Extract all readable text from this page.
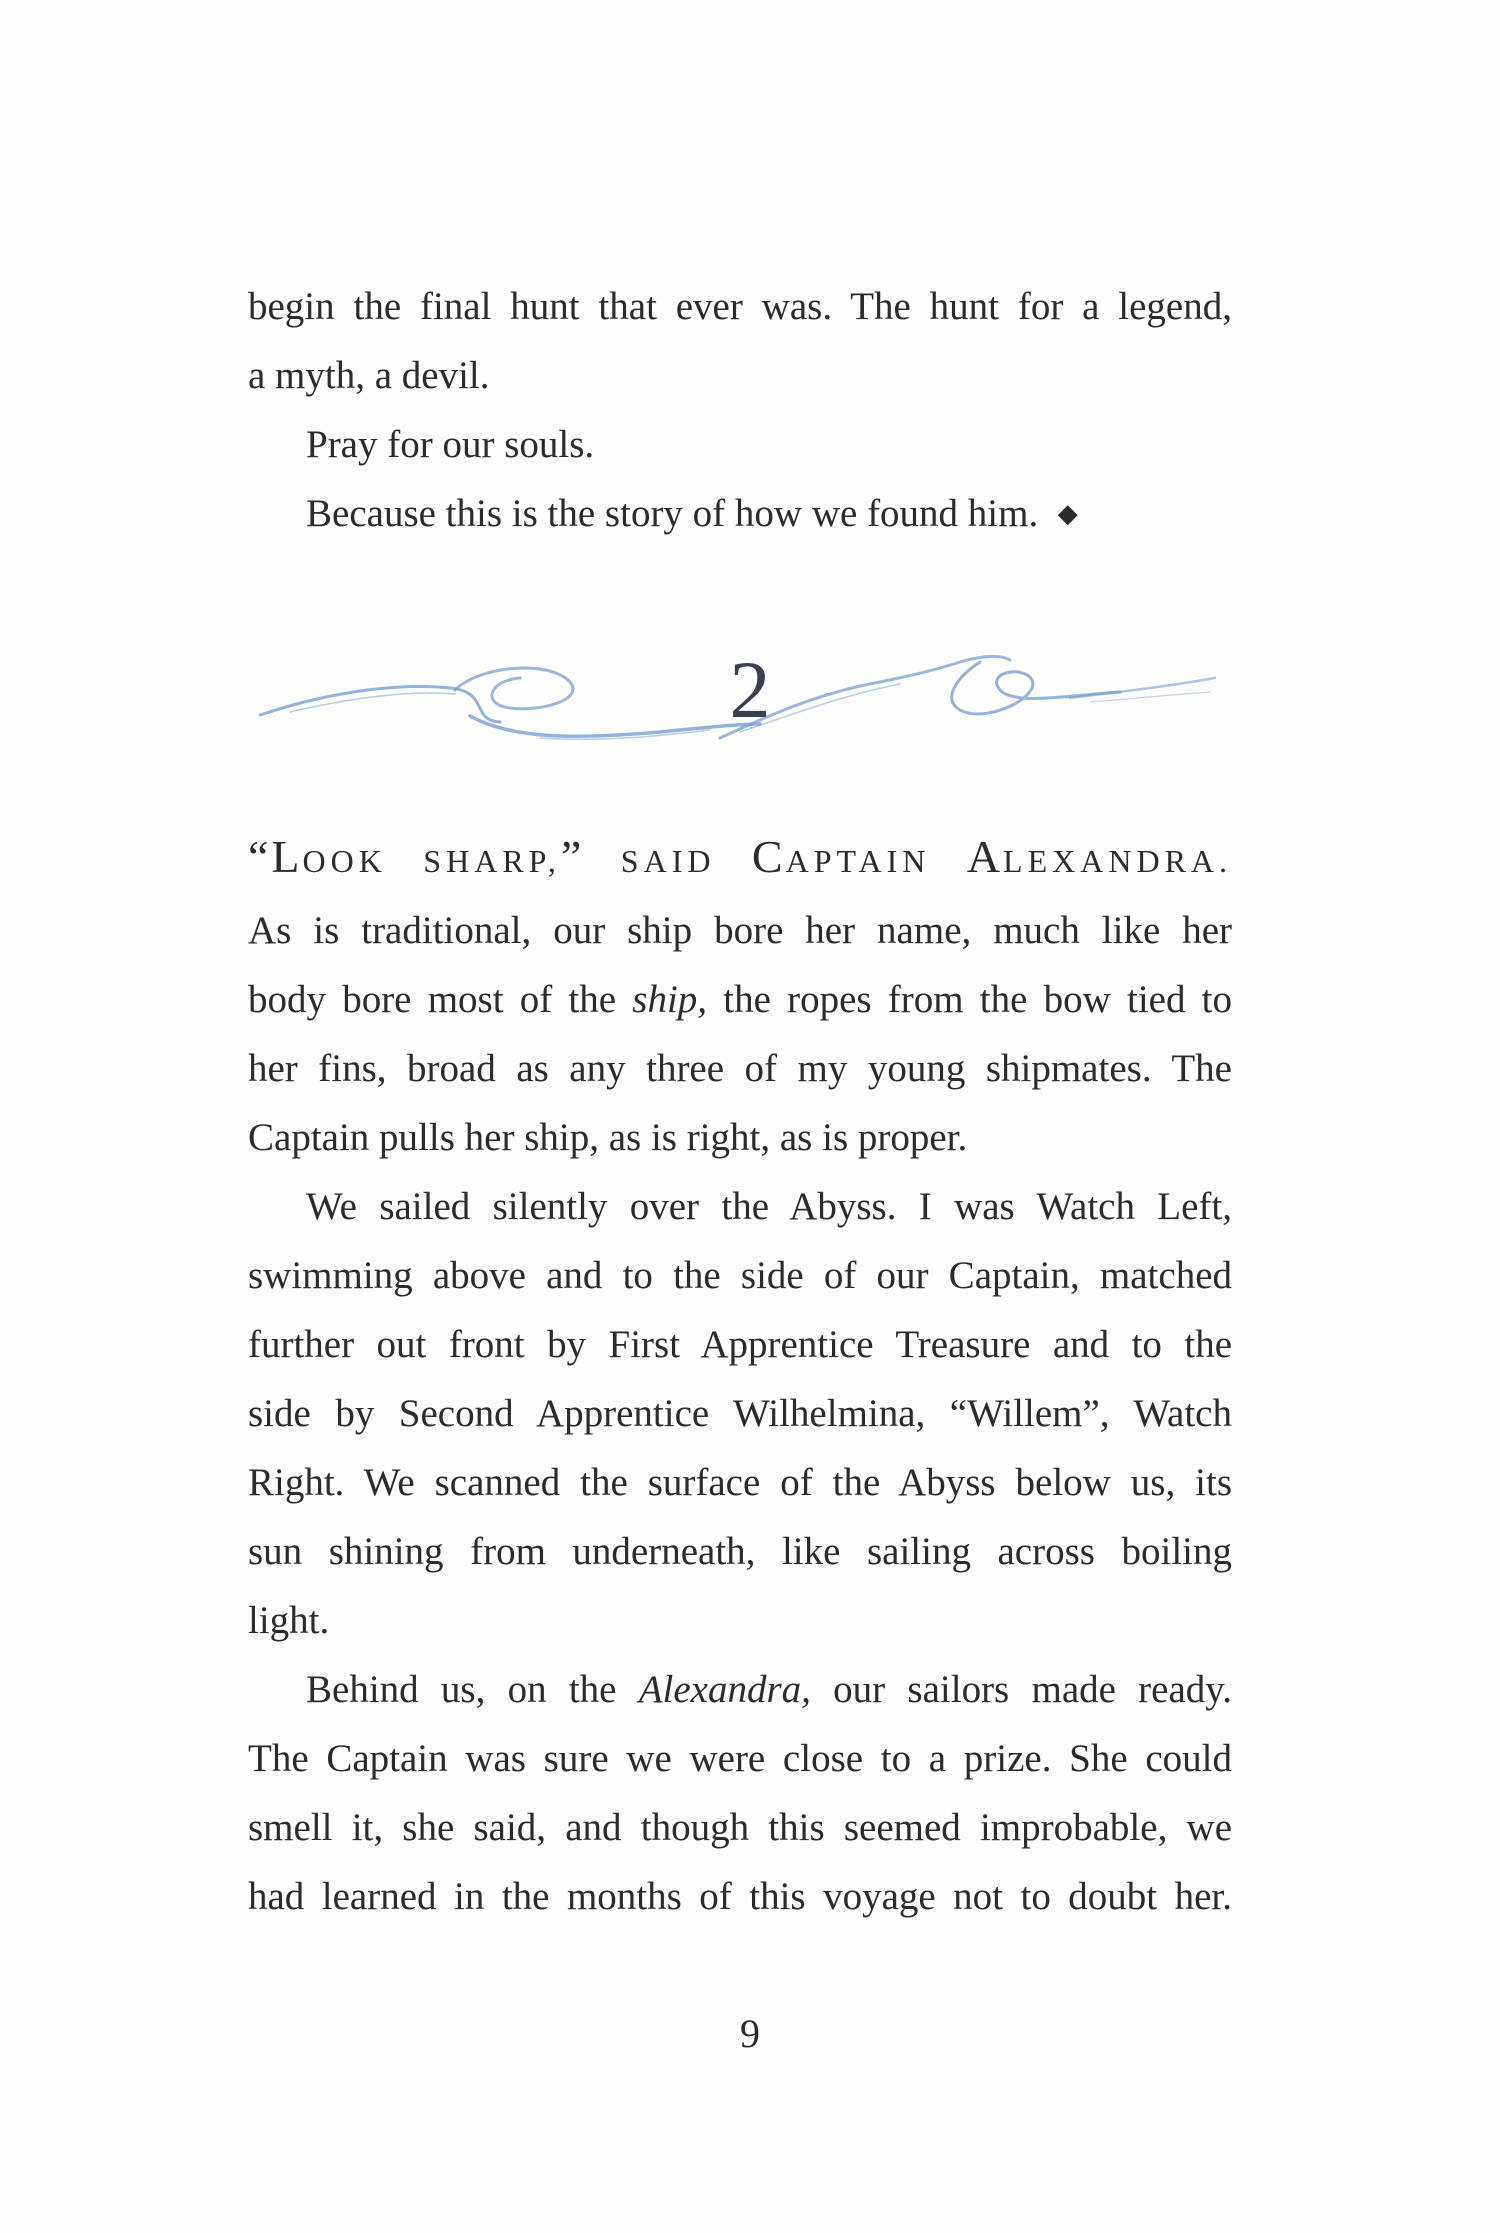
begin the final hunt that ever was. The hunt for a legend,
a myth, a devil.

Pray for our souls.

Because this is the story of how we found him. ◆

2
“LOOK SHARP,” SAID CAPTAIN ALEXANDRA.
As is traditional, our ship bore her name, much like her
body bore most of the ship, the ropes from the bow tied to
her fins, broad as any three of my young shipmates. The
Captain pulls her ship, as is right, as is proper.
We sailed silently over the Abyss. I was Watch Left,
swimming above and to the side of our Captain, matched
further out front by First Apprentice Treasure and to the
side by Second Apprentice Wilhelmina, “Willem”, Watch
Right. We scanned the surface of the Abyss below us, its
sun shining from underneath, like sailing across boiling
light.
Behind us, on the Alexandra, our sailors made ready.
The Captain was sure we were close to a prize. She could
smell it, she said, and though this seemed improbable, we
had learned in the months of this voyage not to doubt her.
9
